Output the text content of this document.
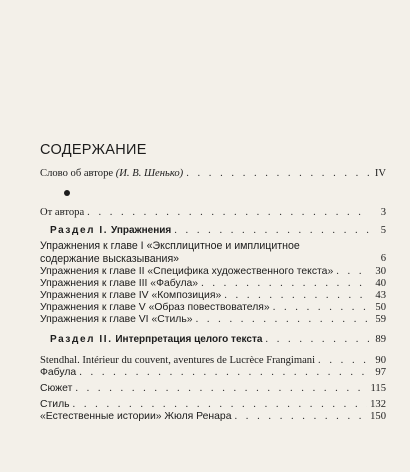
СОДЕРЖАНИЕ
Слово об авторе (И. В. Шенько) . . .	IV
От автора . . .	3
Раздел I. Упражнения . . .	5
Упражнения к главе I «Эксплицитное и имплицитное содержание высказывания»	6
Упражнения к главе II «Специфика художественного текста» . . .	30
Упражнения к главе III «Фабула» . . .	40
Упражнения к главе IV «Композиция» . . .	43
Упражнения к главе V «Образ повествователя» . . .	50
Упражнения к главе VI «Стиль» . . .	59
Раздел II. Интерпретация целого текста . . .	89
Stendhal. Intérieur du couvent, aventures de Lucrèce Frangimani . . .	90
Фабула . . .	97
Сюжет . . .	115
Стиль . . .	132
«Естественные истории» Жюля Ренара . . .	150
